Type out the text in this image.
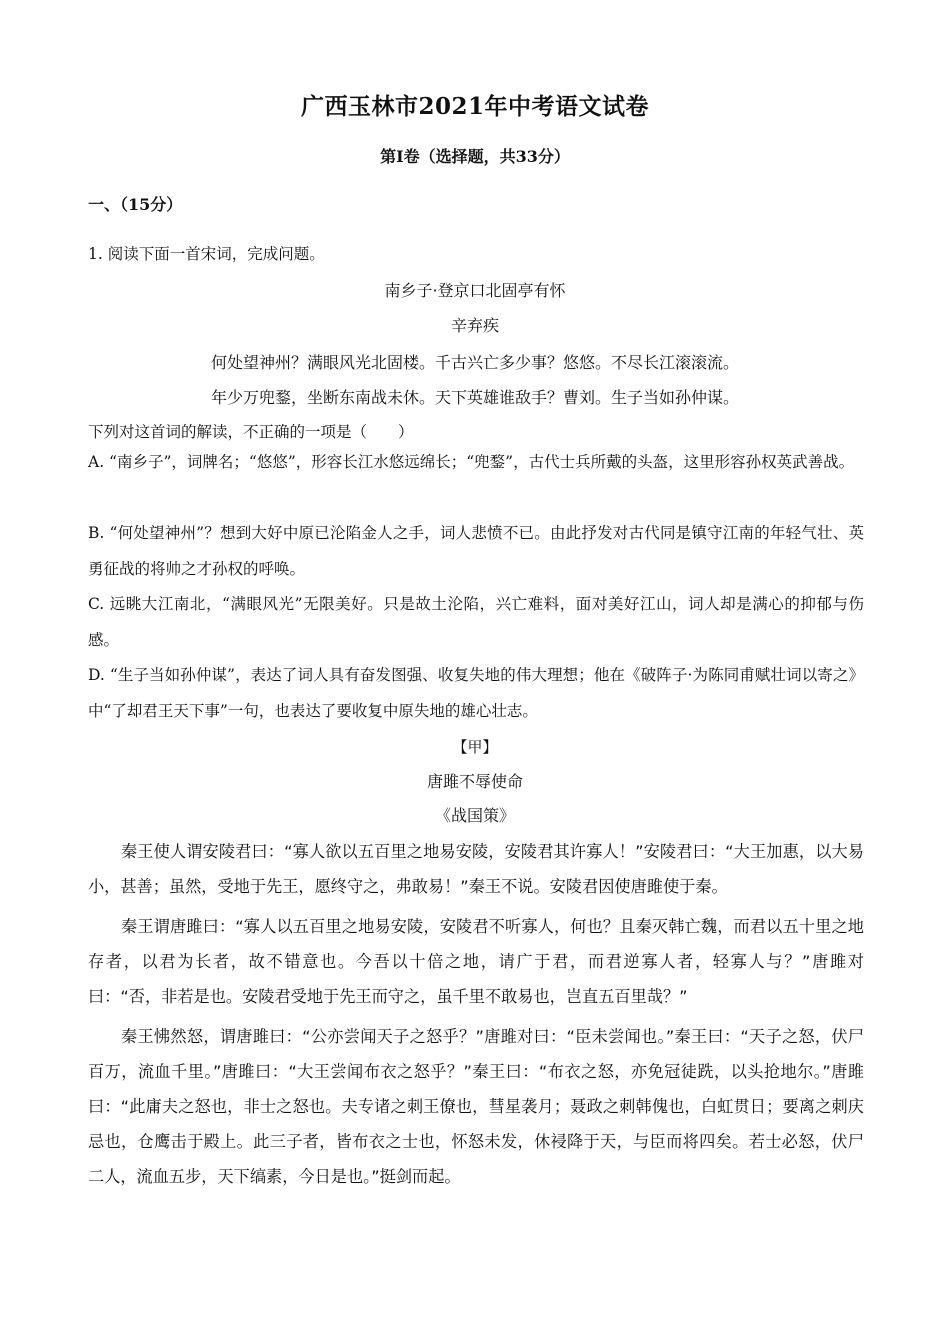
广西玉林市2021年中考语文试卷
第Ⅰ卷（选择题，共33分）
一、（15分）
1. 阅读下面一首宋词，完成问题。
南乡子·登京口北固亭有怀
辛弃疾
何处望神州？满眼风光北固楼。千古兴亡多少事？悠悠。不尽长江滚滚流。
年少万兜鍪，坐断东南战未休。天下英雄谁敌手？曹刘。生子当如孙仲谋。
下列对这首词的解读，不正确的一项是（　　）

A. “南乡子”，词牌名；“悠悠”，形容长江水悠远绵长；“兜鍪”，古代士兵所戴的头盔，这里形容孙权英武善战。

B. “何处望神州”？想到大好中原已沦陷金人之手，词人悲愤不已。由此抒发对古代同是镇守江南的年轻气壮、英勇征战的将帅之才孙权的呼唤。

C. 远眺大江南北，“满眼风光”无限美好。只是故土沦陷，兴亡难料，面对美好江山，词人却是满心的抑郁与伤感。

D. “生子当如孙仲谋”，表达了词人具有奋发图强、收复失地的伟大理想；他在《破阵子·为陈同甫赋壮词以寄之》中“了却君王天下事”一句，也表达了要收复中原失地的雄心壮志。

【甲】
唐雎不辱使命
《战国策》

秦王使人谓安陵君曰：“寡人欲以五百里之地易安陵，安陵君其许寡人！”安陵君曰：“大王加惠，以大易小，甚善；虽然，受地于先王，愿终守之，弗敢易！”秦王不说。安陵君因使唐雎使于秦。

秦王谓唐雎曰：“寡人以五百里之地易安陵，安陵君不听寡人，何也？且秦灭韩亡魏，而君以五十里之地存者，以君为长者，故不错意也。今吾以十倍之地，请广于君，而君逆寡人者，轻寡人与？”唐雎对曰：“否，非若是也。安陵君受地于先王而守之，虽千里不敢易也，岂直五百里哉？”

秦王怫然怒，谓唐雎曰：“公亦尝闻天子之怒乎？”唐雎对曰：“臣未尝闻也。”秦王曰：“天子之怒，伏尸百万，流血千里。”唐雎曰：“大王尝闻布衣之怒乎？”秦王曰：“布衣之怒，亦免冠徒跣，以头抢地尔。”唐雎曰：“此庸夫之怒也，非士之怒也。夫专诸之刺王僚也，彗星袭月；聂政之刺韩傀也，白虹贯日；要离之刺庆忌也，仓鹰击于殿上。此三子者，皆布衣之士也，怀怒未发，休祲降于天，与臣而将四矣。若士必怒，伏尸二人，流血五步，天下缟素，今日是也。”挺剑而起。
